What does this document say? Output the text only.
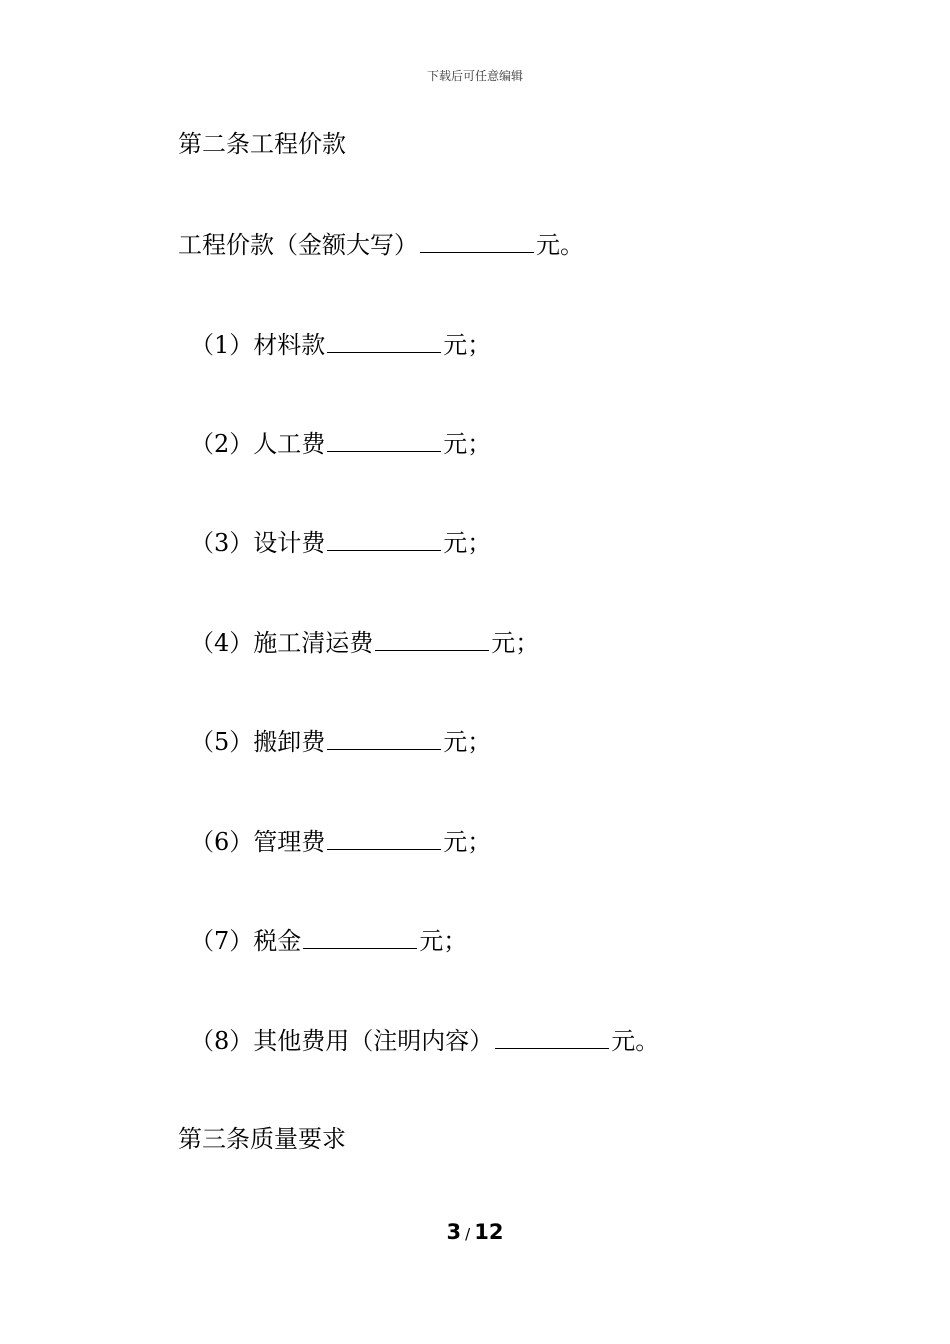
下载后可任意编辑
第二条工程价款
工程价款（金额大写）	元。
（1）材料款	元；
（2）人工费	元；
（3）设计费	元；
（4）施工清运费	元；
（5）搬卸费	元；
（6）管理费	元；
（7）税金	元；
（8）其他费用（注明内容）	元。
第三条质量要求
3 / 12
